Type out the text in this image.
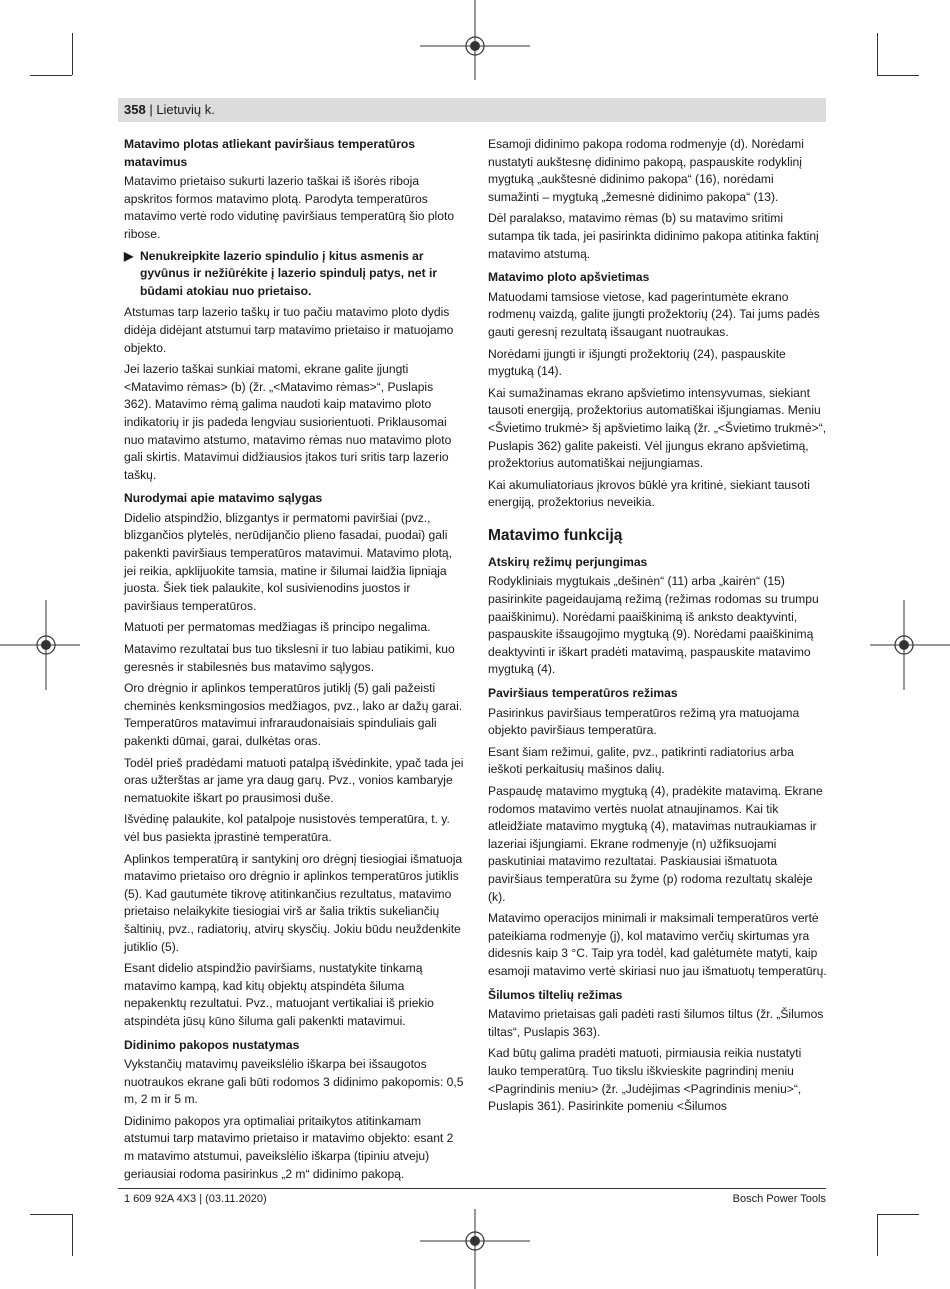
358 | Lietuvių k.
Matavimo plotas atliekant paviršiaus temperatūros matavimus

Matavimo prietaiso sukurti lazerio taškai iš išorės riboja apskritos formos matavimo plotą. Parodyta temperatūros matavimo vertė rodo vidutinę paviršiaus temperatūrą šio ploto ribose.

▶ Nenukreipkite lazerio spindulio į kitus asmenis ar gyvūnus ir nežiūrėkite į lazerio spindulį patys, net ir būdami atokiau nuo prietaiso.

Atstumas tarp lazerio taškų ir tuo pačiu matavimo ploto dydis didėja didėjant atstumui tarp matavimo prietaiso ir matuojamo objekto.

Jei lazerio taškai sunkiai matomi, ekrane galite įjungti <Matavimo rėmas> (b) (žr. „<Matavimo rėmas>“, Puslapis 362). Matavimo rėmą galima naudoti kaip matavimo ploto indikatorių ir jis padeda lengviau susiorientuoti. Priklausomai nuo matavimo atstumo, matavimo rėmas nuo matavimo ploto gali skirtis. Matavimui didžiausios įtakos turi sritis tarp lazerio taškų.

Nurodymai apie matavimo sąlygas

Didelio atspindžio, blizgantys ir permatomi paviršiai (pvz., blizgančios plytelės, nerūdijančio plieno fasadai, puodai) gali pakenkti paviršiaus temperatūros matavimui. Matavimo plotą, jei reikia, apklijuokite tamsia, matine ir šilumai laidžia lipniąja juosta. Šiek tiek palaukite, kol susivienodins juostos ir paviršiaus temperatūros.

Matuoti per permatomas medžiagas iš principo negalima.

Matavimo rezultatai bus tuo tikslesni ir tuo labiau patikimi, kuo geresnės ir stabilesnės bus matavimo sąlygos.

Oro drėgnio ir aplinkos temperatūros jutiklį (5) gali pažeisti cheminės kenksmingosios medžiagos, pvz., lako ar dažų garai. Temperatūros matavimui infraraudonaisiais spinduliais gali pakenkti dūmai, garai, dulkėtas oras.

Todėl prieš pradėdami matuoti patalpą išvėdinkite, ypač tada jei oras užterštas ar jame yra daug garų. Pvz., vonios kambaryje nematuokite iškart po prausimosi duše.

Išvėdinę palaukite, kol patalpoje nusistovės temperatūra, t. y. vėl bus pasiekta įprastinė temperatūra.

Aplinkos temperatūrą ir santykinį oro drėgnį tiesiogiai išmatuoja matavimo prietaiso oro drėgnio ir aplinkos temperatūros jutiklis (5). Kad gautumėte tikrovę atitinkančius rezultatus, matavimo prietaiso nelaikykite tiesiogiai virš ar šalia triktis sukeliančių šaltinių, pvz., radiatorių, atvirų skysčių. Jokiu būdu neuždenkite jutiklio (5).

Esant dideliο atspindžio paviršiams, nustatykite tinkamą matavimo kampą, kad kitų objektų atspindėta šiluma nepakenktų rezultatui. Pvz., matuojant vertikaliai iš priekio atspindėta jūsų kūno šiluma gali pakenkti matavimui.

Didinimo pakopos nustatymas

Vykstančių matavimų paveikslėlio iškarpa bei išsaugotos nuotraukos ekrane gali būti rodomos 3 didinimo pakopomis: 0,5 m, 2 m ir 5 m.

Didinimo pakopos yra optimaliai pritaikytos atitinkamam atstumui tarp matavimo prietaiso ir matavimo objekto: esant 2 m matavimo atstumui, paveikslėlio iškarpa (tipiniu atveju) geriausiai rodoma pasirinkus „2 m“ didinimo pakopą.

Esamoji didinimo pakopa rodoma rodmenyje (d). Norėdami nustatyti aukštesnę didinimo pakopą, paspauskite rodyklinį mygtuką „aukštesnė didinimo pakopa“ (16), norėdami sumažinti – mygtuką „žemesnė didinimo pakopa“ (13).

Dėl paralakso, matavimo rėmas (b) su matavimo sritimi sutampa tik tada, jei pasirinkta didinimo pakopa atitinka faktinį matavimo atstumą.

Matavimo ploto apšvietimas

Matuodami tamsiose vietose, kad pagerintumėte ekrano rodmenų vaizdą, galite įjungti prožektorių (24). Tai jums padės gauti geresnį rezultatą išsaugant nuotraukas.

Norėdami įjungti ir išjungti prožektorių (24), paspauskite mygtuką (14).

Kai sumažinamas ekrano apšvietimo intensyvumas, siekiant tausoti energiją, prožektorius automatiškai išjungiamas. Meniu <Švietimo trukmė> šį apšvietimo laiką (žr. „<Švietimo trukmė>“, Puslapis 362) galite pakeisti. Vėl įjungus ekrano apšvietimą, prožektorius automatiškai neįjungiamas.

Kai akumuliatoriaus įkrovos būklė yra kritinė, siekiant tausoti energiją, prožektorius neveikia.

Matavimo funkciją
Atskirų režimų perjungimas

Rodykliniais mygtukais „dešinėn“ (11) arba „kairėn“ (15) pasirinkite pageidaujamą režimą (režimas rodomas su trumpu paaiškinimu). Norėdami paaiškinimą iš anksto deaktyvinti, paspauskite išsaugojimo mygtuką (9). Norėdami paaiškinimą deaktyvinti ir iškart pradėti matavimą, paspauskite matavimo mygtuką (4).

Paviršiaus temperatūros režimas

Pasirinkus paviršiaus temperatūros režimą yra matuojama objekto paviršiaus temperatūra.

Esant šiam režimui, galite, pvz., patikrinti radiatorius arba ieškoti perkaitusių mašinos dalių.

Paspaudę matavimo mygtuką (4), pradėkite matavimą. Ekrane rodomos matavimo vertės nuolat atnaujinamos. Kai tik atleidžiate matavimo mygtuką (4), matavimas nutraukiamas ir lazeriai išjungiami. Ekrane rodmenyje (n) užfiksuojami paskutiniai matavimo rezultatai. Paskiausiai išmatuota paviršiaus temperatūra su žyme (p) rodoma rezultatų skalėje (k).

Matavimo operacijos minimali ir maksimali temperatūros vertė pateikiama rodmenyje (j), kol matavimo verčių skirtumas yra didesnis kaip 3 °C. Taip yra todėl, kad galėtumėte matyti, kaip esamoji matavimo vertė skiriasi nuo jau išmatuotų temperatūrų.

Šilumos tiltelių režimas

Matavimo prietaisas gali padėti rasti šilumos tiltus (žr. „Šilumos tiltas“, Puslapis 363).

Kad būtų galima pradėti matuoti, pirmiausia reikia nustatyti lauko temperatūrą. Tuo tikslu iškvieskite pagrindinį meniu <Pagrindinis meniu> (žr. „Judėjimas <Pagrindinis meniu>“, Puslapis 361). Pasirinkite pomeniu <Šilumos

1 609 92A 4X3 | (03.11.2020)	Bosch Power Tools
